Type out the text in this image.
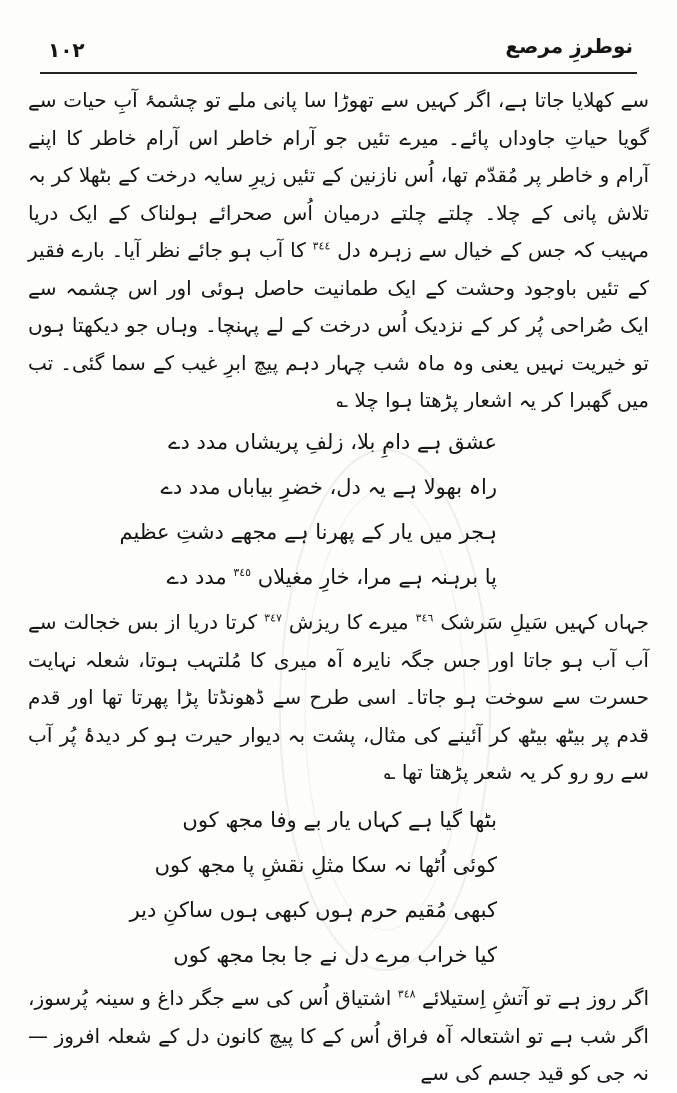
١٠٢	نوطرزِ مرصع

سے کھلایا جاتا ہے، اگر کہیں سے تھوڑا سا پانی ملے تو چشمۂ آبِ حیات سے گویا حیاتِ جاوداں پائے۔ میرے تئیں جو آرام خاطر اس آرام خاطر کا اپنے آرام و خاطر پر مُقدّم تھا، اُس نازنین کے تئیں زیرِ سایہ درخت کے بٹھلا کر بہ تلاش پانی کے چلا۔ چلتے چلتے درمیان اُس صحرائے ہولناک کے ایک دریا مہیب کہ جس کے خیال سے زہرہ دل $^{٣٤٤}$ کا آب ہو جائے نظر آیا۔ بارے فقیر کے تئیں باوجود وحشت کے ایک طمانیت حاصل ہوئی اور اس چشمہ سے ایک صُراحی پُر کر کے نزدیک اُس درخت کے لے پہنچا۔ وہاں جو دیکھتا ہوں تو خیریت نہیں یعنی وہ ماہ شب چہار دہم پیچ ابرِ غیب کے سما گئی۔ تب میں گھبرا کر یہ اشعار پڑھتا ہوا چلا ؎

عشق ہے دامِ بلا، زلفِ پریشاں مدد دے
راہ بھولا ہے یہ دل، خضرِ بیاباں مدد دے
ہجر میں یار کے پھرنا ہے مجھے دشتِ عظیم
پا برہنہ ہے مرا، خارِ مغیلاں $^{٣٤٥}$ مدد دے

جہاں کہیں سَیلِ سَرشک $^{٣٤٦}$ میرے کا ریزش $^{٣٤٧}$ کرتا دریا از بس خجالت سے آب آب ہو جاتا اور جس جگہ نایرہ آہ میری کا مُلتہب ہوتا، شعلہ نہایت حسرت سے سوخت ہو جاتا۔ اسی طرح سے ڈھونڈتا پڑا پھرتا تھا اور قدم قدم پر بیٹھ بیٹھ کر آئینے کی مثال، پشت بہ دیوار حیرت ہو کر دیدۂ پُر آب سے رو رو کر یہ شعر پڑھتا تھا ؎

بٹھا گیا ہے کہاں یار بے وفا مجھ کوں
کوئی اُٹھا نہ سکا مثلِ نقشِ پا مجھ کوں
کبھی مُقیم حرم ہوں کبھی ہوں ساکنِ دیر
کیا خراب مرے دل نے جا بجا مجھ کوں

اگر روز ہے تو آتشِ اِستیلائے $^{٣٤٨}$ اشتیاق اُس کی سے جگر داغ و سینہ پُرسوز، اگر شب ہے تو اشتعالہ آہ فراق اُس کے کا پیچ کانون دل کے شعلہ افروز — نہ جی کو قید جسم کی سے
